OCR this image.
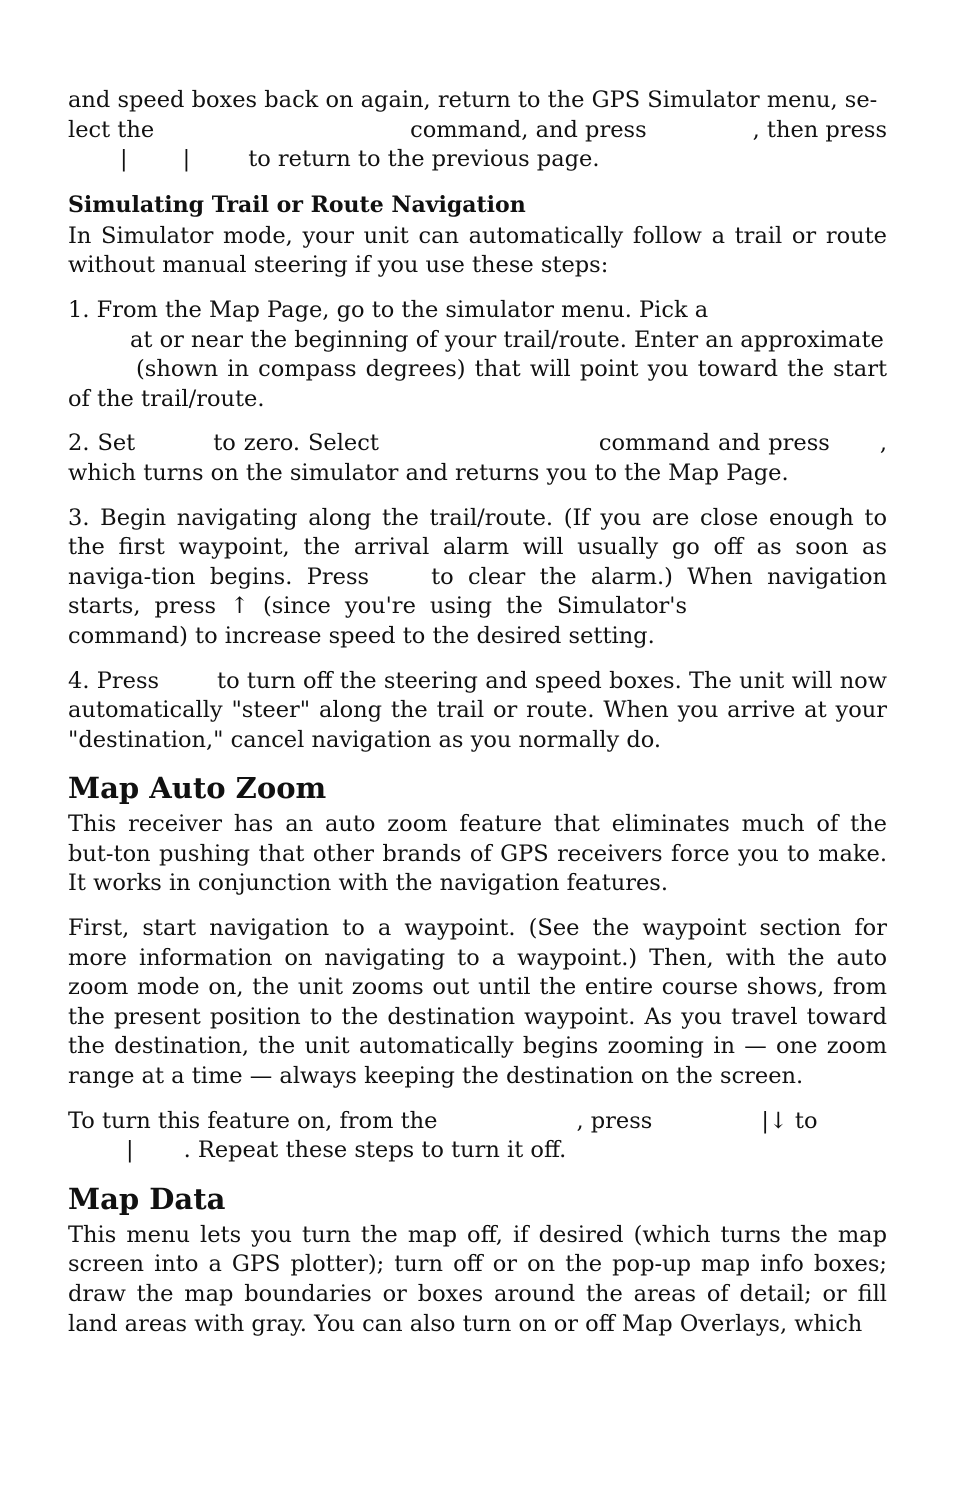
and speed boxes back on again, return to the GPS Simulator menu, se-

lect the	command, and press	, then press
| |	to return to the previous page.

Simulating Trail or Route Navigation

In Simulator mode, your unit can automatically follow a trail or route without manual steering if you use these steps:

1. From the Map Page, go to the simulator menu. Pick a
at or near the beginning of your trail/route. Enter an approximate
(shown in compass degrees) that will point you toward the start of the trail/route.

2. Set	to zero. Select	command and press , which turns on the simulator and returns you to the Map Page.

3. Begin navigating along the trail/route. (If you are close enough to the first waypoint, the arrival alarm will usually go off as soon as naviga-tion begins. Press	to clear the alarm.) When navigation starts, press ↑ (since you're using the Simulator'scommand) to increase speed to the desired setting.

4. Press	to turn off the steering and speed boxes. The unit will now automatically "steer" along the trail or route. When you arrive at your "destination," cancel navigation as you normally do.

Map Auto Zoom

This receiver has an auto zoom feature that eliminates much of the but-ton pushing that other brands of GPS receivers force you to make. It works in conjunction with the navigation features.

First, start navigation to a waypoint. (See the waypoint section for more information on navigating to a waypoint.) Then, with the auto zoom mode on, the unit zooms out until the entire course shows, from the present position to the destination waypoint. As you travel toward the destination, the unit automatically begins zooming in — one zoom range at a time — always keeping the destination on the screen.

To turn this feature on, from the	, press	|↓ to
| . Repeat these steps to turn it off.

Map Data

This menu lets you turn the map off, if desired (which turns the map screen into a GPS plotter); turn off or on the pop-up map info boxes; draw the map boundaries or boxes around the areas of detail; or fill land areas with gray. You can also turn on or off Map Overlays, which
